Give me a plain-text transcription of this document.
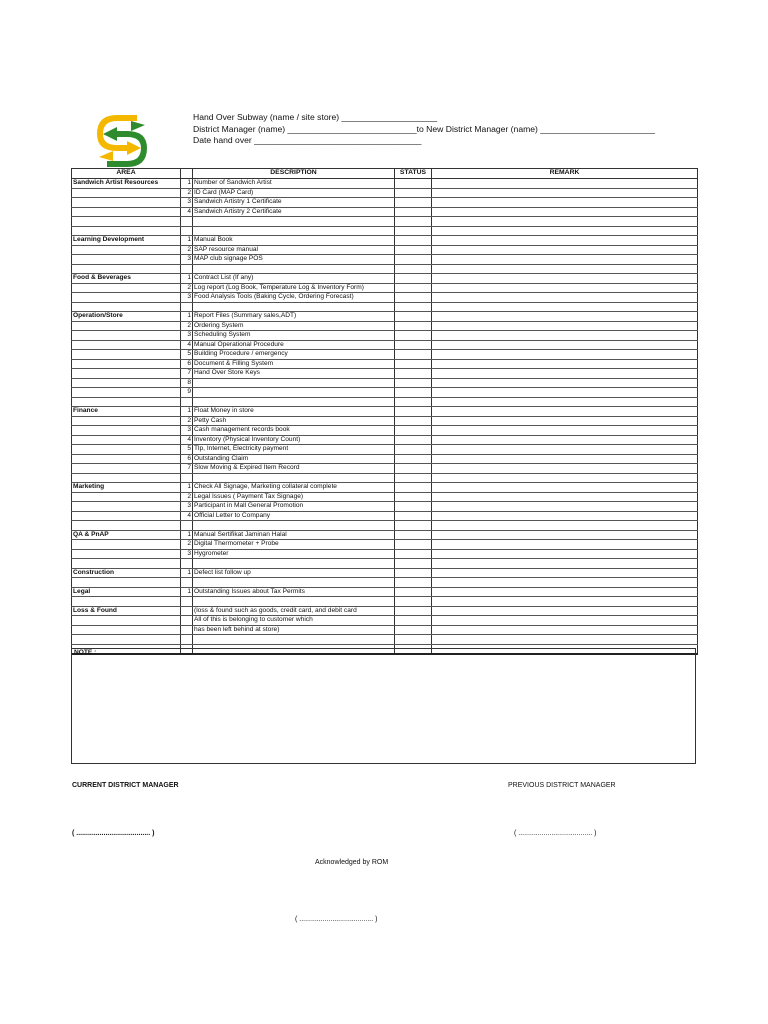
Hand Over Subway (name / site store) ____________________
District Manager (name) ___________________________to New District Manager (name) ________________________
Date hand over ___________________________________
AREA		DESCRIPTION	STATUS	REMARK
Sandwich Artist Resources	1	Number of Sandwich Artist		
	2	ID Card (MAP Card)		
	3	Sandwich Artistry 1 Certificate		
	4	Sandwich Artistry 2 Certificate		

Learning Development	1	Manual Book		
	2	SAP resource manual		
	3	MAP club signage POS		

Food & Beverages	1	Contract List (If any)		
	2	Log report (Log Book, Temperature Log & Inventory Form)		
	3	Food Analysis Tools (Baking Cycle, Ordering Forecast)		

Operation/Store	1	Report Files (Summary sales,ADT)		
	2	Ordering System		
	3	Scheduling System		
	4	Manual Operational Procedure		
	5	Building Procedure / emergency		
	6	Document & Filling System		
	7	Hand Over Store Keys		
	8			
	9			

Finance	1	Float Money in store		
	2	Petty Cash		
	3	Cash management records book		
	4	Inventory (Physical Inventory Count)		
	5	Tlp, Internet, Electricity payment		
	6	Outstanding Claim		
	7	Slow Moving & Expired Item Record		

Marketing	1	Check All Signage, Marketing collateral complete		
	2	Legal Issues ( Payment Tax Signage)		
	3	Participant in Mall General Promotion		
	4	Official Letter to Company		

QA & PnAP	1	Manual Sertifikat Jaminan Halal		
	2	Digital Thermometer + Probe		
	3	Hygrometer		

Construction	1	Defect list follow up		

Legal	1	Outstanding Issues about Tax Permits		

Loss & Found		(loss & found such as goods, credit card, and debit card		
		All of this is belonging to customer which		
		has been left behind at store)		

NOTE :
CURRENT DISTRICT MANAGER	PREVIOUS DISTRICT MANAGER
( ...................................... )	( ...................................... )
Acknowledged by ROM
( ...................................... )
